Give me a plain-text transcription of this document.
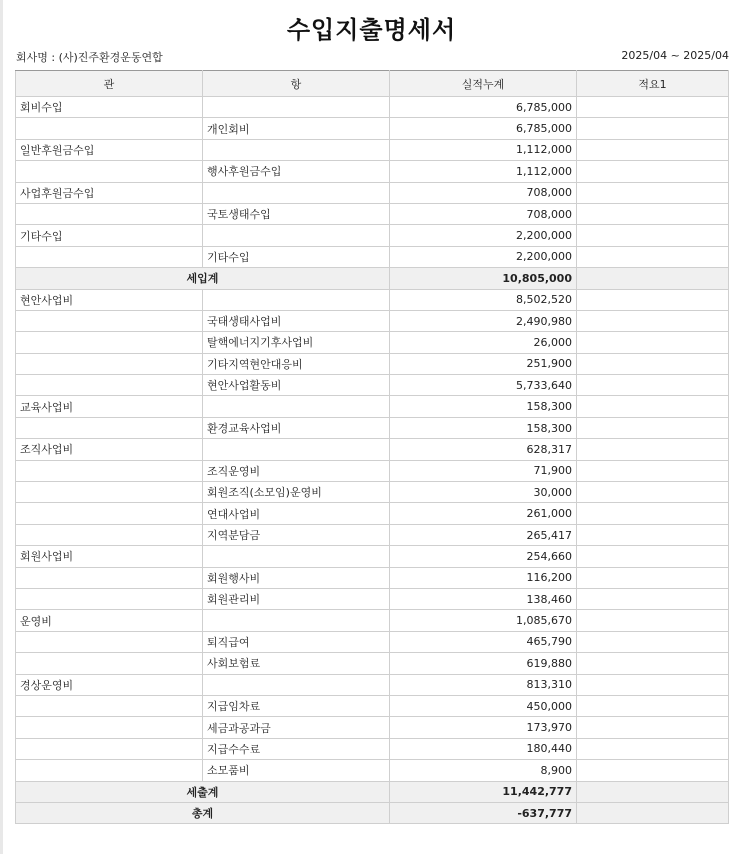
수입지출명세서
회사명 : (사)진주환경운동연합	2025/04 ~ 2025/04
관	항	실적누계	적요1
회비수입		6,785,000	
	개인회비	6,785,000	
일반후원금수입		1,112,000	
	행사후원금수입	1,112,000	
사업후원금수입		708,000	
	국토생태수입	708,000	
기타수입		2,200,000	
	기타수입	2,200,000	
세입계		10,805,000	
현안사업비		8,502,520	
	국태생태사업비	2,490,980	
	탈핵에너지기후사업비	26,000	
	기타지역현안대응비	251,900	
	현안사업활동비	5,733,640	
교육사업비		158,300	
	환경교육사업비	158,300	
조직사업비		628,317	
	조직운영비	71,900	
	회원조직(소모임)운영비	30,000	
	연대사업비	261,000	
	지역분담금	265,417	
회원사업비		254,660	
	회원행사비	116,200	
	회원관리비	138,460	
운영비		1,085,670	
	퇴직급여	465,790	
	사회보험료	619,880	
경상운영비		813,310	
	지급임차료	450,000	
	세금과공과금	173,970	
	지급수수료	180,440	
	소모품비	8,900	
세출계		11,442,777	
총계		-637,777	
